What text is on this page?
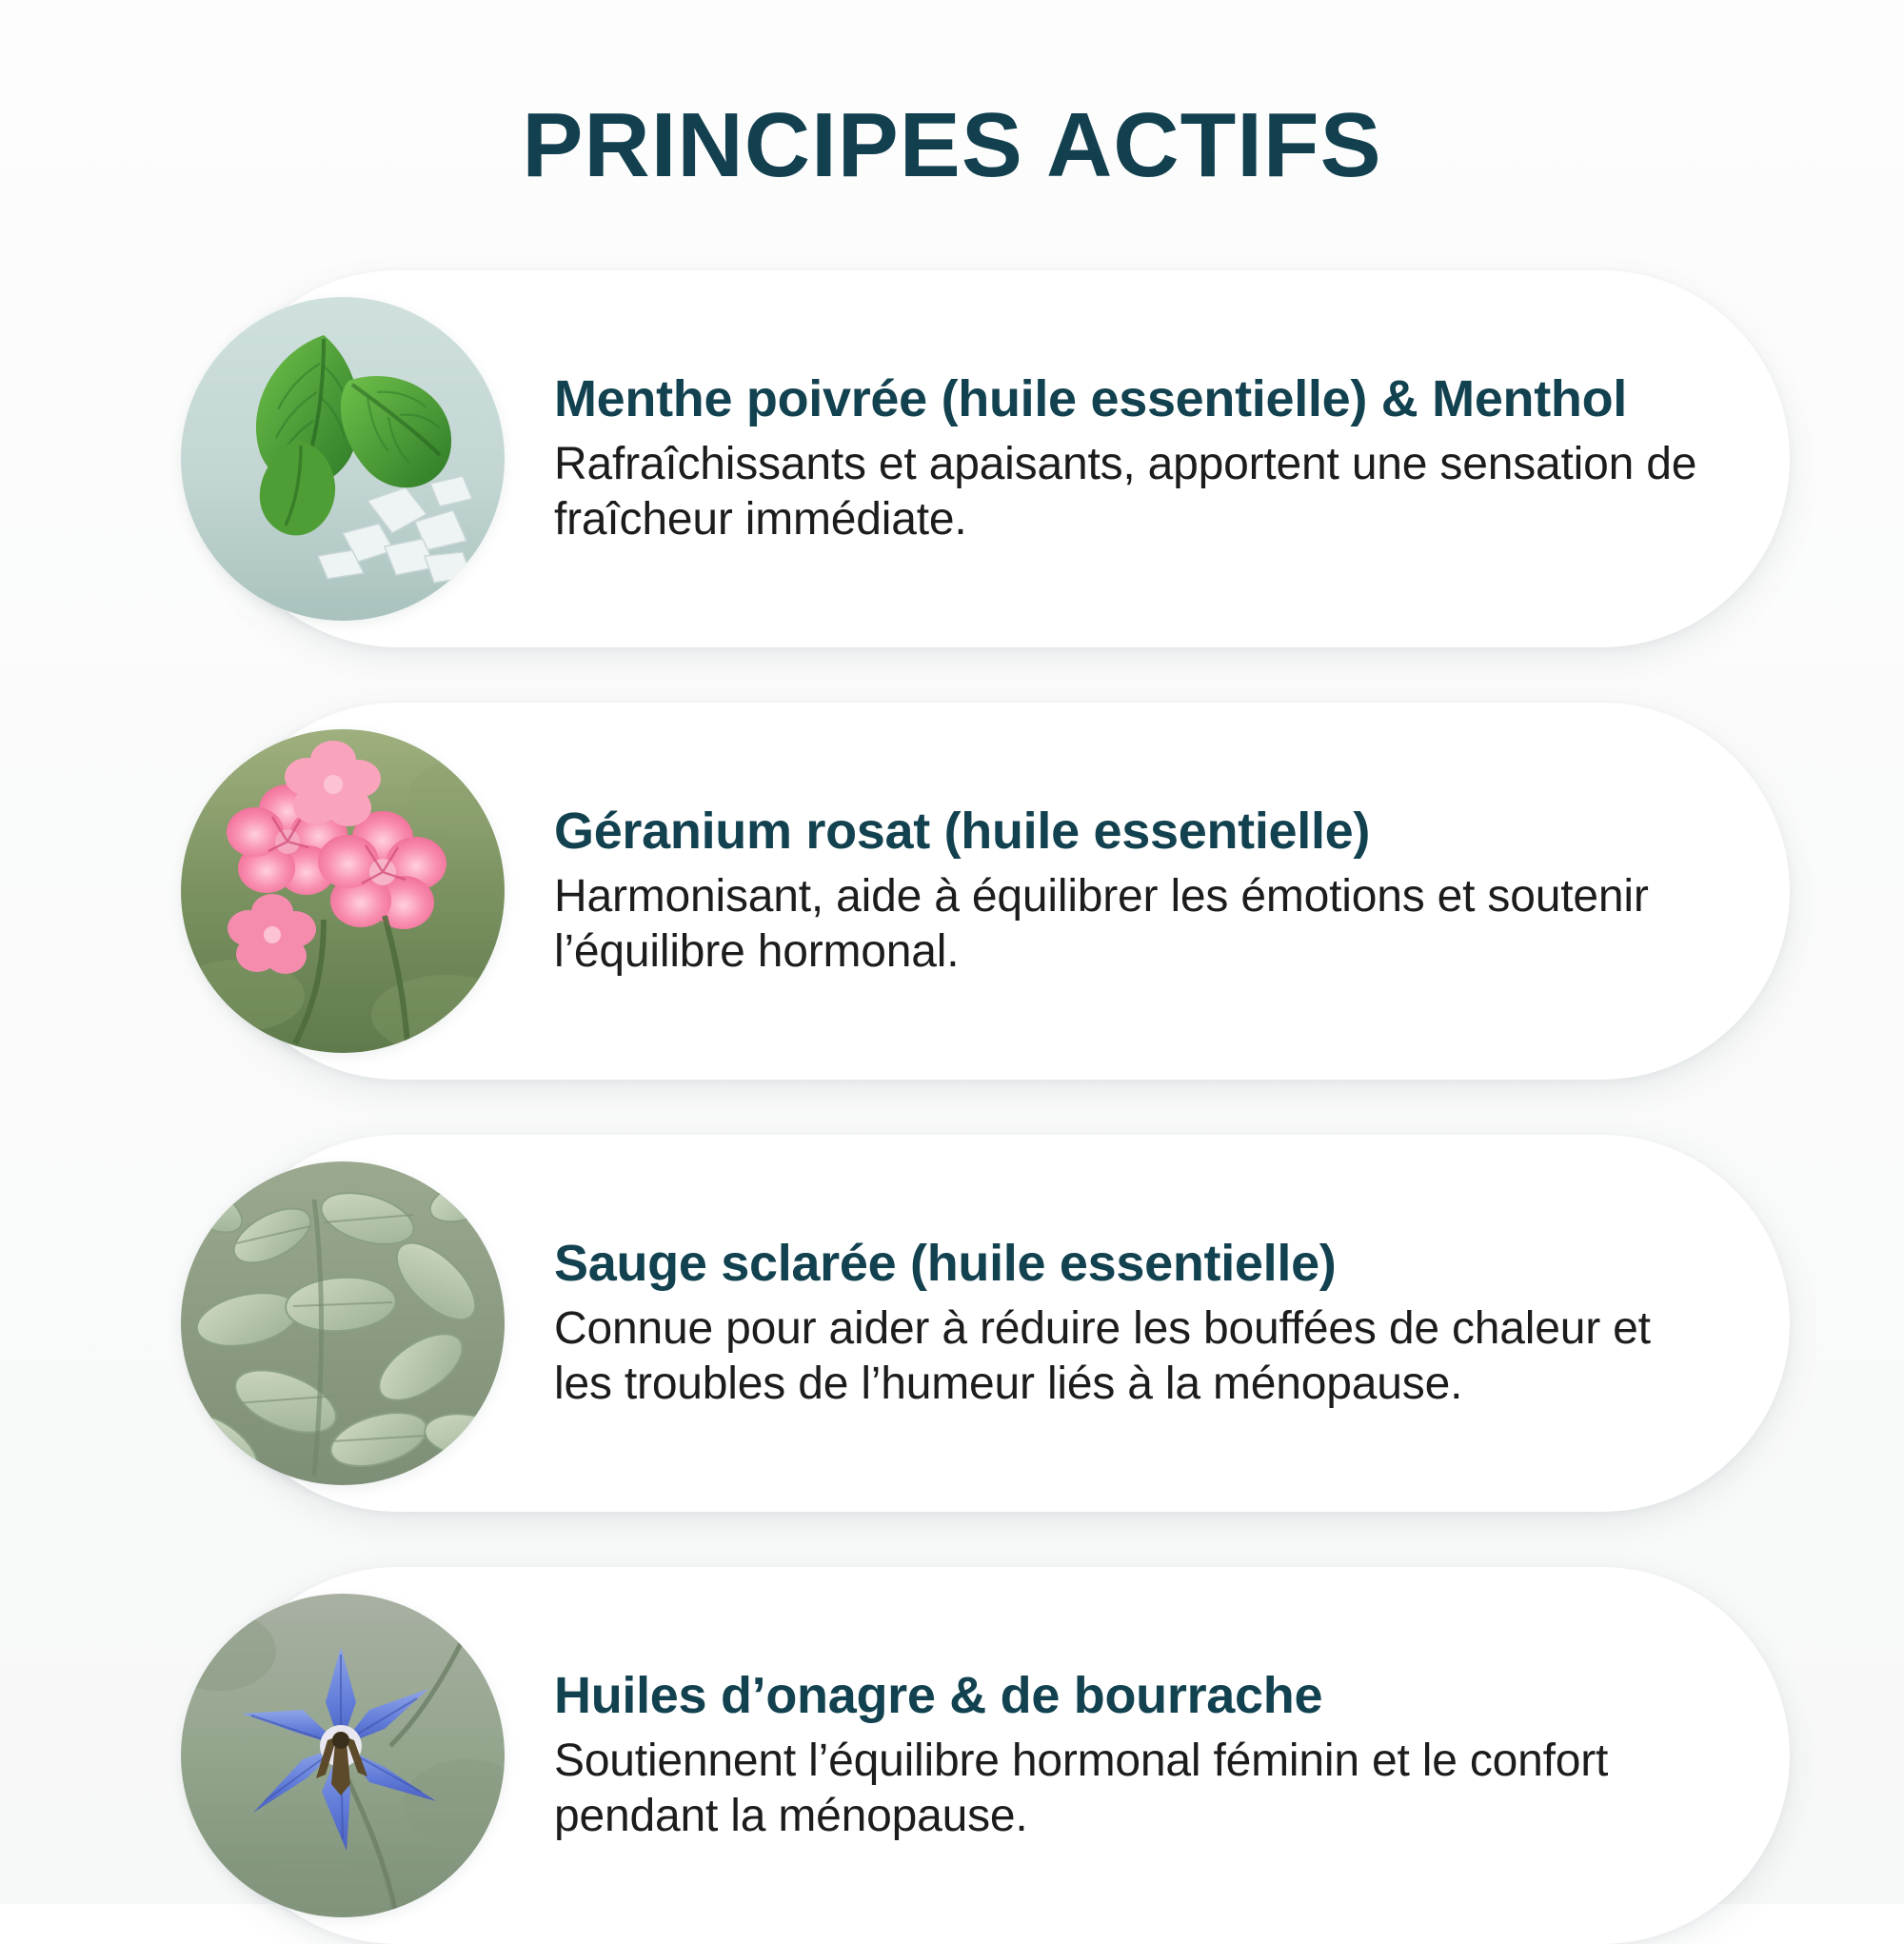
PRINCIPES ACTIFS
Menthe poivrée (huile essentielle) & Menthol
Rafraîchissants et apaisants, apportent une sensation de fraîcheur immédiate.
Géranium rosat (huile essentielle)
Harmonisant, aide à équilibrer les émotions et soutenir l’équilibre hormonal.
Sauge sclarée (huile essentielle)
Connue pour aider à réduire les bouffées de chaleur et les troubles de l’humeur liés à la ménopause.
Huiles d’onagre & de bourrache
Soutiennent l’équilibre hormonal féminin et le confort pendant la ménopause.
